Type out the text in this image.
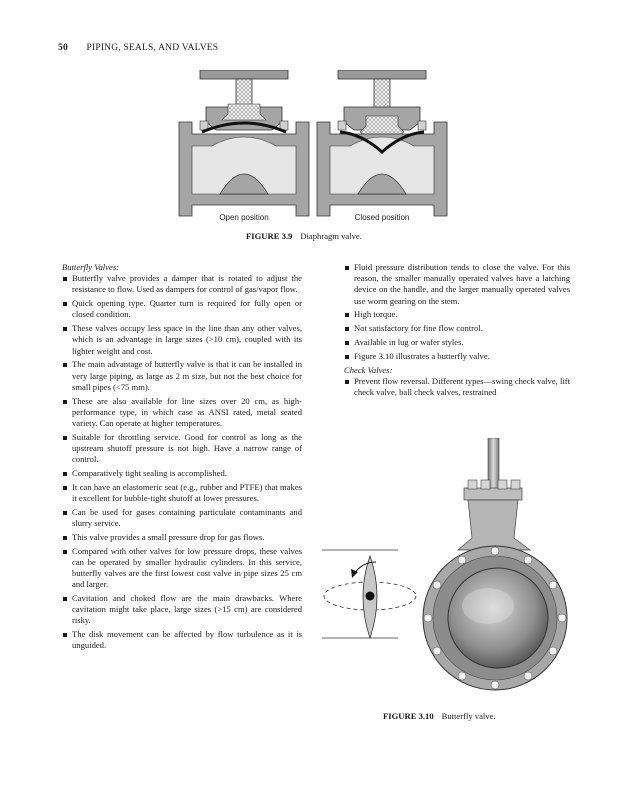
50 PIPING, SEALS, AND VALVES
Open position	Closed position
FIGURE 3.9 Diaphragm valve.

Butterfly Valves:

Butterfly valve provides a damper that is rotated to adjust the resistance to flow. Used as dampers for control of gas/vapor flow.
Quick opening type. Quarter turn is required for fully open or closed condition.
These valves occupy less space in the line than any other valves, which is an advantage in large sizes (>10 cm), coupled with its lighter weight and cost.
The main advantage of butterfly valve is that it can be installed in very large piping, as large as 2 m size, but not the best choice for small pipes (<75 mm).
These are also available for line sizes over 20 cm, as high-performance type, in which case as ANSI rated, metal seated variety. Can operate at higher temperatures.
Suitable for throttling service. Good for control as long as the upstream shutoff pressure is not high. Have a narrow range of control.
Comparatively tight sealing is accomplished.
It can have an elastomeric seat (e.g., rubber and PTFE) that makes it excellent for bubble-tight shutoff at lower pressures.
Can be used for gases containing particulate contaminants and slurry service.
This valve provides a small pressure drop for gas flows.
Compared with other valves for low pressure drops, these valves can be operated by smaller hydraulic cylinders. In this service, butterfly valves are the first lowest cost valve in pipe sizes 25 cm and larger.
Cavitation and choked flow are the main drawbacks. Where cavitation might take place, large sizes (>15 cm) are considered risky.
The disk movement can be affected by flow turbulence as it is unguided.
Fluid pressure distribution tends to close the valve. For this reason, the smaller manually operated valves have a latching device on the handle, and the larger manually operated valves use worm gearing on the stem.
High torque.
Not satisfactory for fine flow control.
Available in lug or wafer styles.
Figure 3.10 illustrates a butterfly valve.

Check Valves:

Prevent flow reversal. Different types—swing check valve, lift check valve, ball check valves, restrained
FIGURE 3.10 Butterfly valve.
